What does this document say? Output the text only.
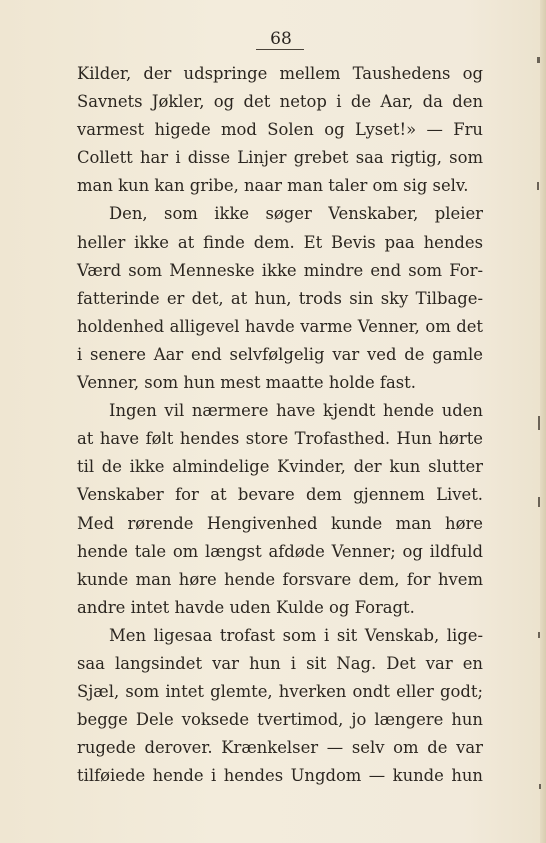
68

Kilder, der udspringe mellem Taushedens og
Savnets Jøkler, og det netop i de Aar, da den
varmest higede mod Solen og Lyset!» — Fru
Collett har i disse Linjer grebet saa rigtig, som
man kun kan gribe, naar man taler om sig selv.

Den, som ikke søger Venskaber, pleier
heller ikke at finde dem. Et Bevis paa hendes
Værd som Menneske ikke mindre end som For-
fatterinde er det, at hun, trods sin sky Tilbage-
holdenhed alligevel havde varme Venner, om det
i senere Aar end selvfølgelig var ved de gamle
Venner, som hun mest maatte holde fast.

Ingen vil nærmere have kjendt hende uden
at have følt hendes store Trofasthed. Hun hørte
til de ikke almindelige Kvinder, der kun slutter
Venskaber for at bevare dem gjennem Livet.
Med rørende Hengivenhed kunde man høre
hende tale om længst afdøde Venner; og ildfuld
kunde man høre hende forsvare dem, for hvem
andre intet havde uden Kulde og Foragt.

Men ligesaa trofast som i sit Venskab, lige-
saa langsindet var hun i sit Nag. Det var en
Sjæl, som intet glemte, hverken ondt eller godt;
begge Dele voksede tvertimod, jo længere hun
rugede derover. Krænkelser — selv om de var
tilføiede hende i hendes Ungdom — kunde hun
